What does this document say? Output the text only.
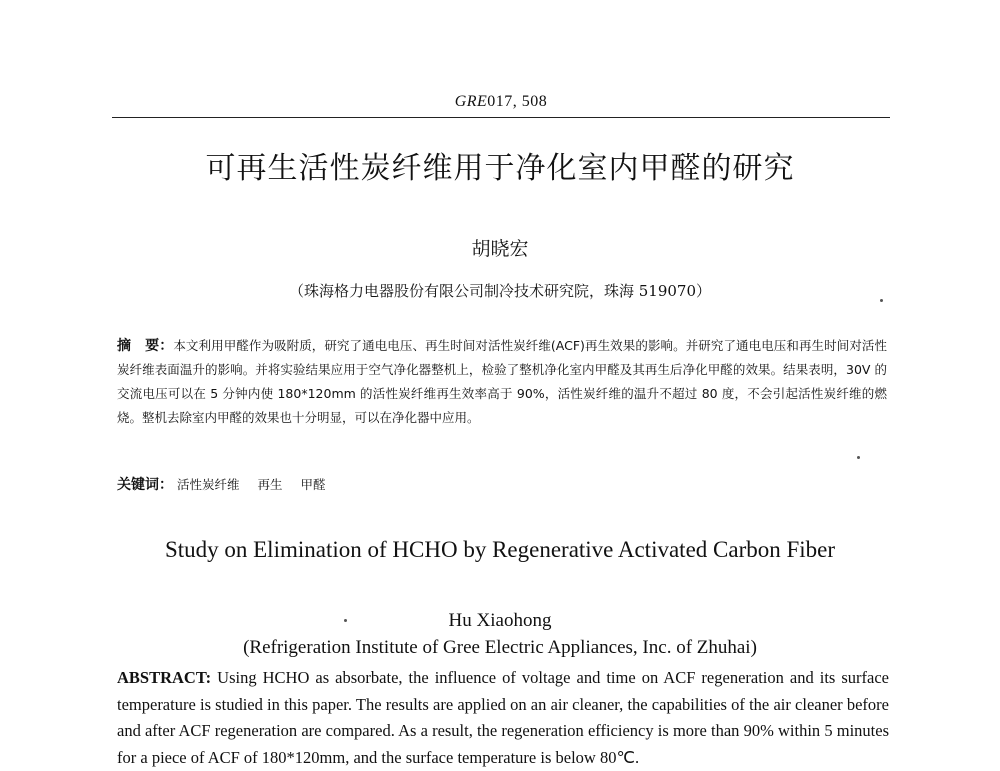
GRE017, 508
可再生活性炭纤维用于净化室内甲醛的研究
胡晓宏
（珠海格力电器股份有限公司制冷技术研究院，珠海 519070）
摘　要：本文利用甲醛作为吸附质，研究了通电电压、再生时间对活性炭纤维(ACF)再生效果的影响。并研究了通电电压和再生时间对活性炭纤维表面温升的影响。并将实验结果应用于空气净化器整机上，检验了整机净化室内甲醛及其再生后净化甲醛的效果。结果表明，30V 的交流电压可以在 5 分钟内使 180*120mm 的活性炭纤维再生效率高于 90%，活性炭纤维的温升不超过 80 度，不会引起活性炭纤维的燃烧。整机去除室内甲醛的效果也十分明显，可以在净化器中应用。
关键词： 活性炭纤维 再生 甲醛
Study on Elimination of HCHO by Regenerative Activated Carbon Fiber
Hu Xiaohong
(Refrigeration Institute of Gree Electric Appliances, Inc. of Zhuhai)
ABSTRACT: Using HCHO as absorbate, the influence of voltage and time on ACF regeneration and its surface temperature is studied in this paper. The results are applied on an air cleaner, the capabilities of the air cleaner before and after ACF regeneration are compared. As a result, the regeneration efficiency is more than 90% within 5 minutes for a piece of ACF of 180*120mm, and the surface temperature is below 80℃.
